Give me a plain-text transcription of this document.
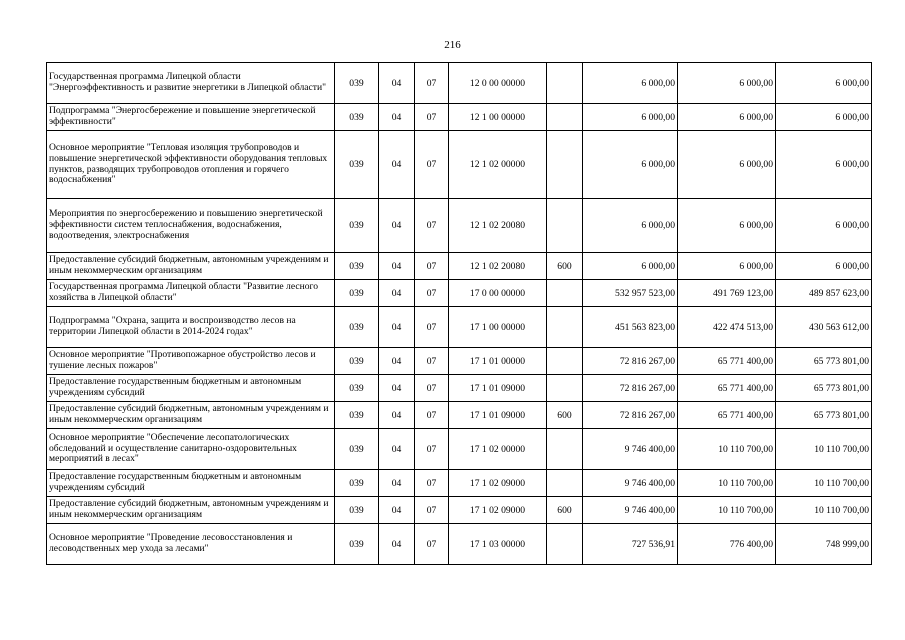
216
Государственная программа Липецкой области "Энергоэффективность и развитие энергетики в Липецкой области"	039	04	07	12 0 00 00000		6 000,00	6 000,00	6 000,00
Подпрограмма "Энергосбережение и повышение энергетической эффективности"	039	04	07	12 1 00 00000		6 000,00	6 000,00	6 000,00
Основное мероприятие "Тепловая изоляция трубопроводов и повышение энергетической эффективности оборудования тепловых пунктов, разводящих трубопроводов отопления и горячего водоснабжения"	039	04	07	12 1 02 00000		6 000,00	6 000,00	6 000,00
Мероприятия по энергосбережению и повышению энергетической эффективности систем теплоснабжения, водоснабжения, водоотведения, электроснабжения	039	04	07	12 1 02 20080		6 000,00	6 000,00	6 000,00
Предоставление субсидий бюджетным, автономным учреждениям и иным некоммерческим организациям	039	04	07	12 1 02 20080	600	6 000,00	6 000,00	6 000,00
Государственная программа Липецкой области "Развитие лесного хозяйства в Липецкой области"	039	04	07	17 0 00 00000		532 957 523,00	491 769 123,00	489 857 623,00
Подпрограмма "Охрана, защита и воспроизводство лесов на территории Липецкой области в 2014-2024 годах"	039	04	07	17 1 00 00000		451 563 823,00	422 474 513,00	430 563 612,00
Основное мероприятие "Противопожарное обустройство лесов и тушение лесных пожаров"	039	04	07	17 1 01 00000		72 816 267,00	65 771 400,00	65 773 801,00
Предоставление государственным бюджетным и автономным учреждениям субсидий	039	04	07	17 1 01 09000		72 816 267,00	65 771 400,00	65 773 801,00
Предоставление субсидий бюджетным, автономным учреждениям и иным некоммерческим организациям	039	04	07	17 1 01 09000	600	72 816 267,00	65 771 400,00	65 773 801,00
Основное мероприятие "Обеспечение лесопатологических обследований и осуществление санитарно-оздоровительных мероприятий в лесах"	039	04	07	17 1 02 00000		9 746 400,00	10 110 700,00	10 110 700,00
Предоставление государственным бюджетным и автономным учреждениям субсидий	039	04	07	17 1 02 09000		9 746 400,00	10 110 700,00	10 110 700,00
Предоставление субсидий бюджетным, автономным учреждениям и иным некоммерческим организациям	039	04	07	17 1 02 09000	600	9 746 400,00	10 110 700,00	10 110 700,00
Основное мероприятие "Проведение лесовосстановления и лесоводственных мер ухода за лесами"	039	04	07	17 1 03 00000		727 536,91	776 400,00	748 999,00
